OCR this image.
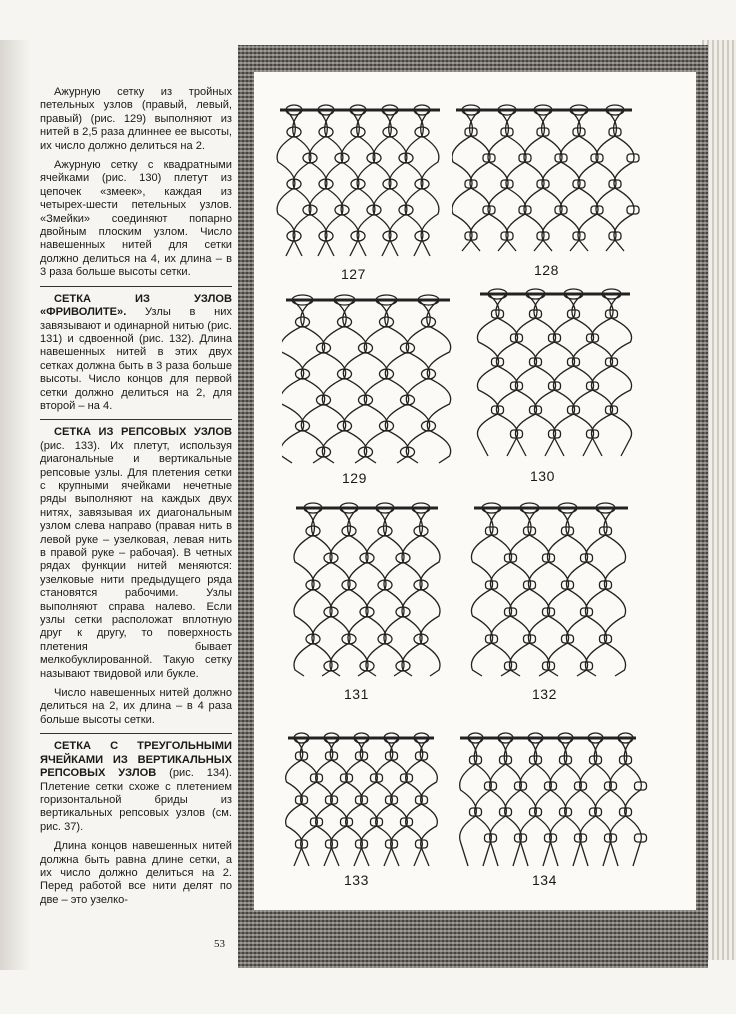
Ажурную сетку из тройных петельных узлов (правый, левый, правый) (рис. 129) выполняют из нитей в 2,5 раза длиннее ее высоты, их число должно делиться на 2.

Ажурную сетку с квадратными ячейками (рис. 130) плетут из цепочек «змеек», каждая из четырех-шести петельных узлов. «Змейки» соединяют попарно двойным плоским узлом. Число навешенных нитей для сетки должно делиться на 4, их длина – в 3 раза больше высоты сетки.

СЕТКА ИЗ УЗЛОВ «ФРИВОЛИТЕ». Узлы в них завязывают и одинарной нитью (рис. 131) и сдвоенной (рис. 132). Длина навешенных нитей в этих двух сетках должна быть в 3 раза больше высоты. Число концов для первой сетки должно делиться на 2, для второй – на 4.

СЕТКА ИЗ РЕПСОВЫХ УЗЛОВ (рис. 133). Их плетут, используя диагональные и вертикальные репсовые узлы. Для плетения сетки с крупными ячейками нечетные ряды выполняют на каждых двух нитях, завязывая их диагональным узлом слева направо (правая нить в левой руке – узелковая, левая нить в правой руке – рабочая). В четных рядах функции нитей меняются: узелковые нити предыдущего ряда становятся рабочими. Узлы выполняют справа налево. Если узлы сетки расположат вплотную друг к другу, то поверхность плетения бывает мелкобуклированной. Такую сетку называют твидовой или букле.

Число навешенных нитей должно делиться на 2, их длина – в 4 раза больше высоты сетки.

СЕТКА С ТРЕУГОЛЬНЫМИ ЯЧЕЙКАМИ ИЗ ВЕРТИКАЛЬНЫХ РЕПСОВЫХ УЗЛОВ (рис. 134). Плетение сетки схоже с плетением горизонтальной бриды из вертикальных репсовых узлов (см. рис. 37).

Длина концов навешенных нитей должна быть равна длине сетки, а их число должно делиться на 2. Перед работой все нити делят по две – это узелко-

53
127	128
129	130
131	132
133	134
